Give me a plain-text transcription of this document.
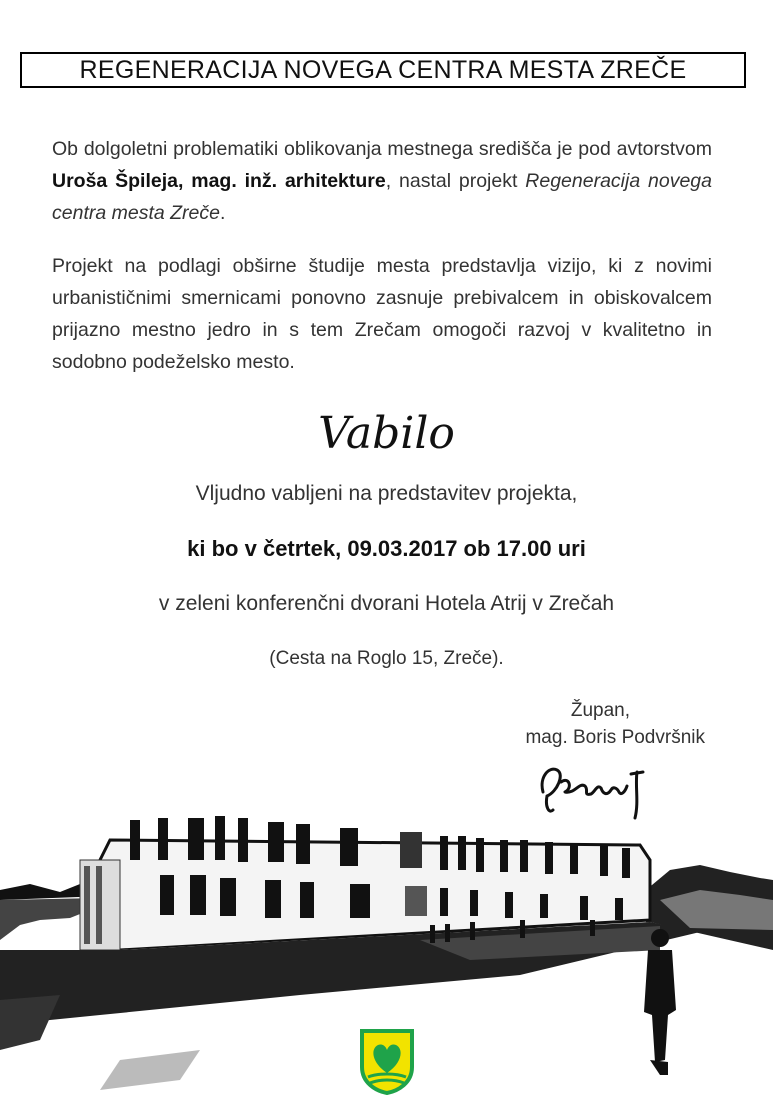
REGENERACIJA NOVEGA CENTRA MESTA ZREČE
Ob dolgoletni problematiki oblikovanja mestnega središča je pod avtorstvom Uroša Špileja, mag. inž. arhitekture, nastal projekt Regeneracija novega centra mesta Zreče.
Projekt na podlagi obširne študije mesta predstavlja vizijo, ki z novimi urbanističnimi smernicami ponovno zasnuje prebivalcem in obiskovalcem prijazno mestno jedro in s tem Zrečam omogoči razvoj v kvalitetno in sodobno podeželsko mesto.
Vabilo
Vljudno vabljeni na predstavitev projekta,
ki bo v četrtek, 09.03.2017 ob 17.00 uri
v zeleni konferenčni dvorani Hotela Atrij v Zrečah
(Cesta na Roglo 15, Zreče).
Župan,
mag. Boris Podvršnik
